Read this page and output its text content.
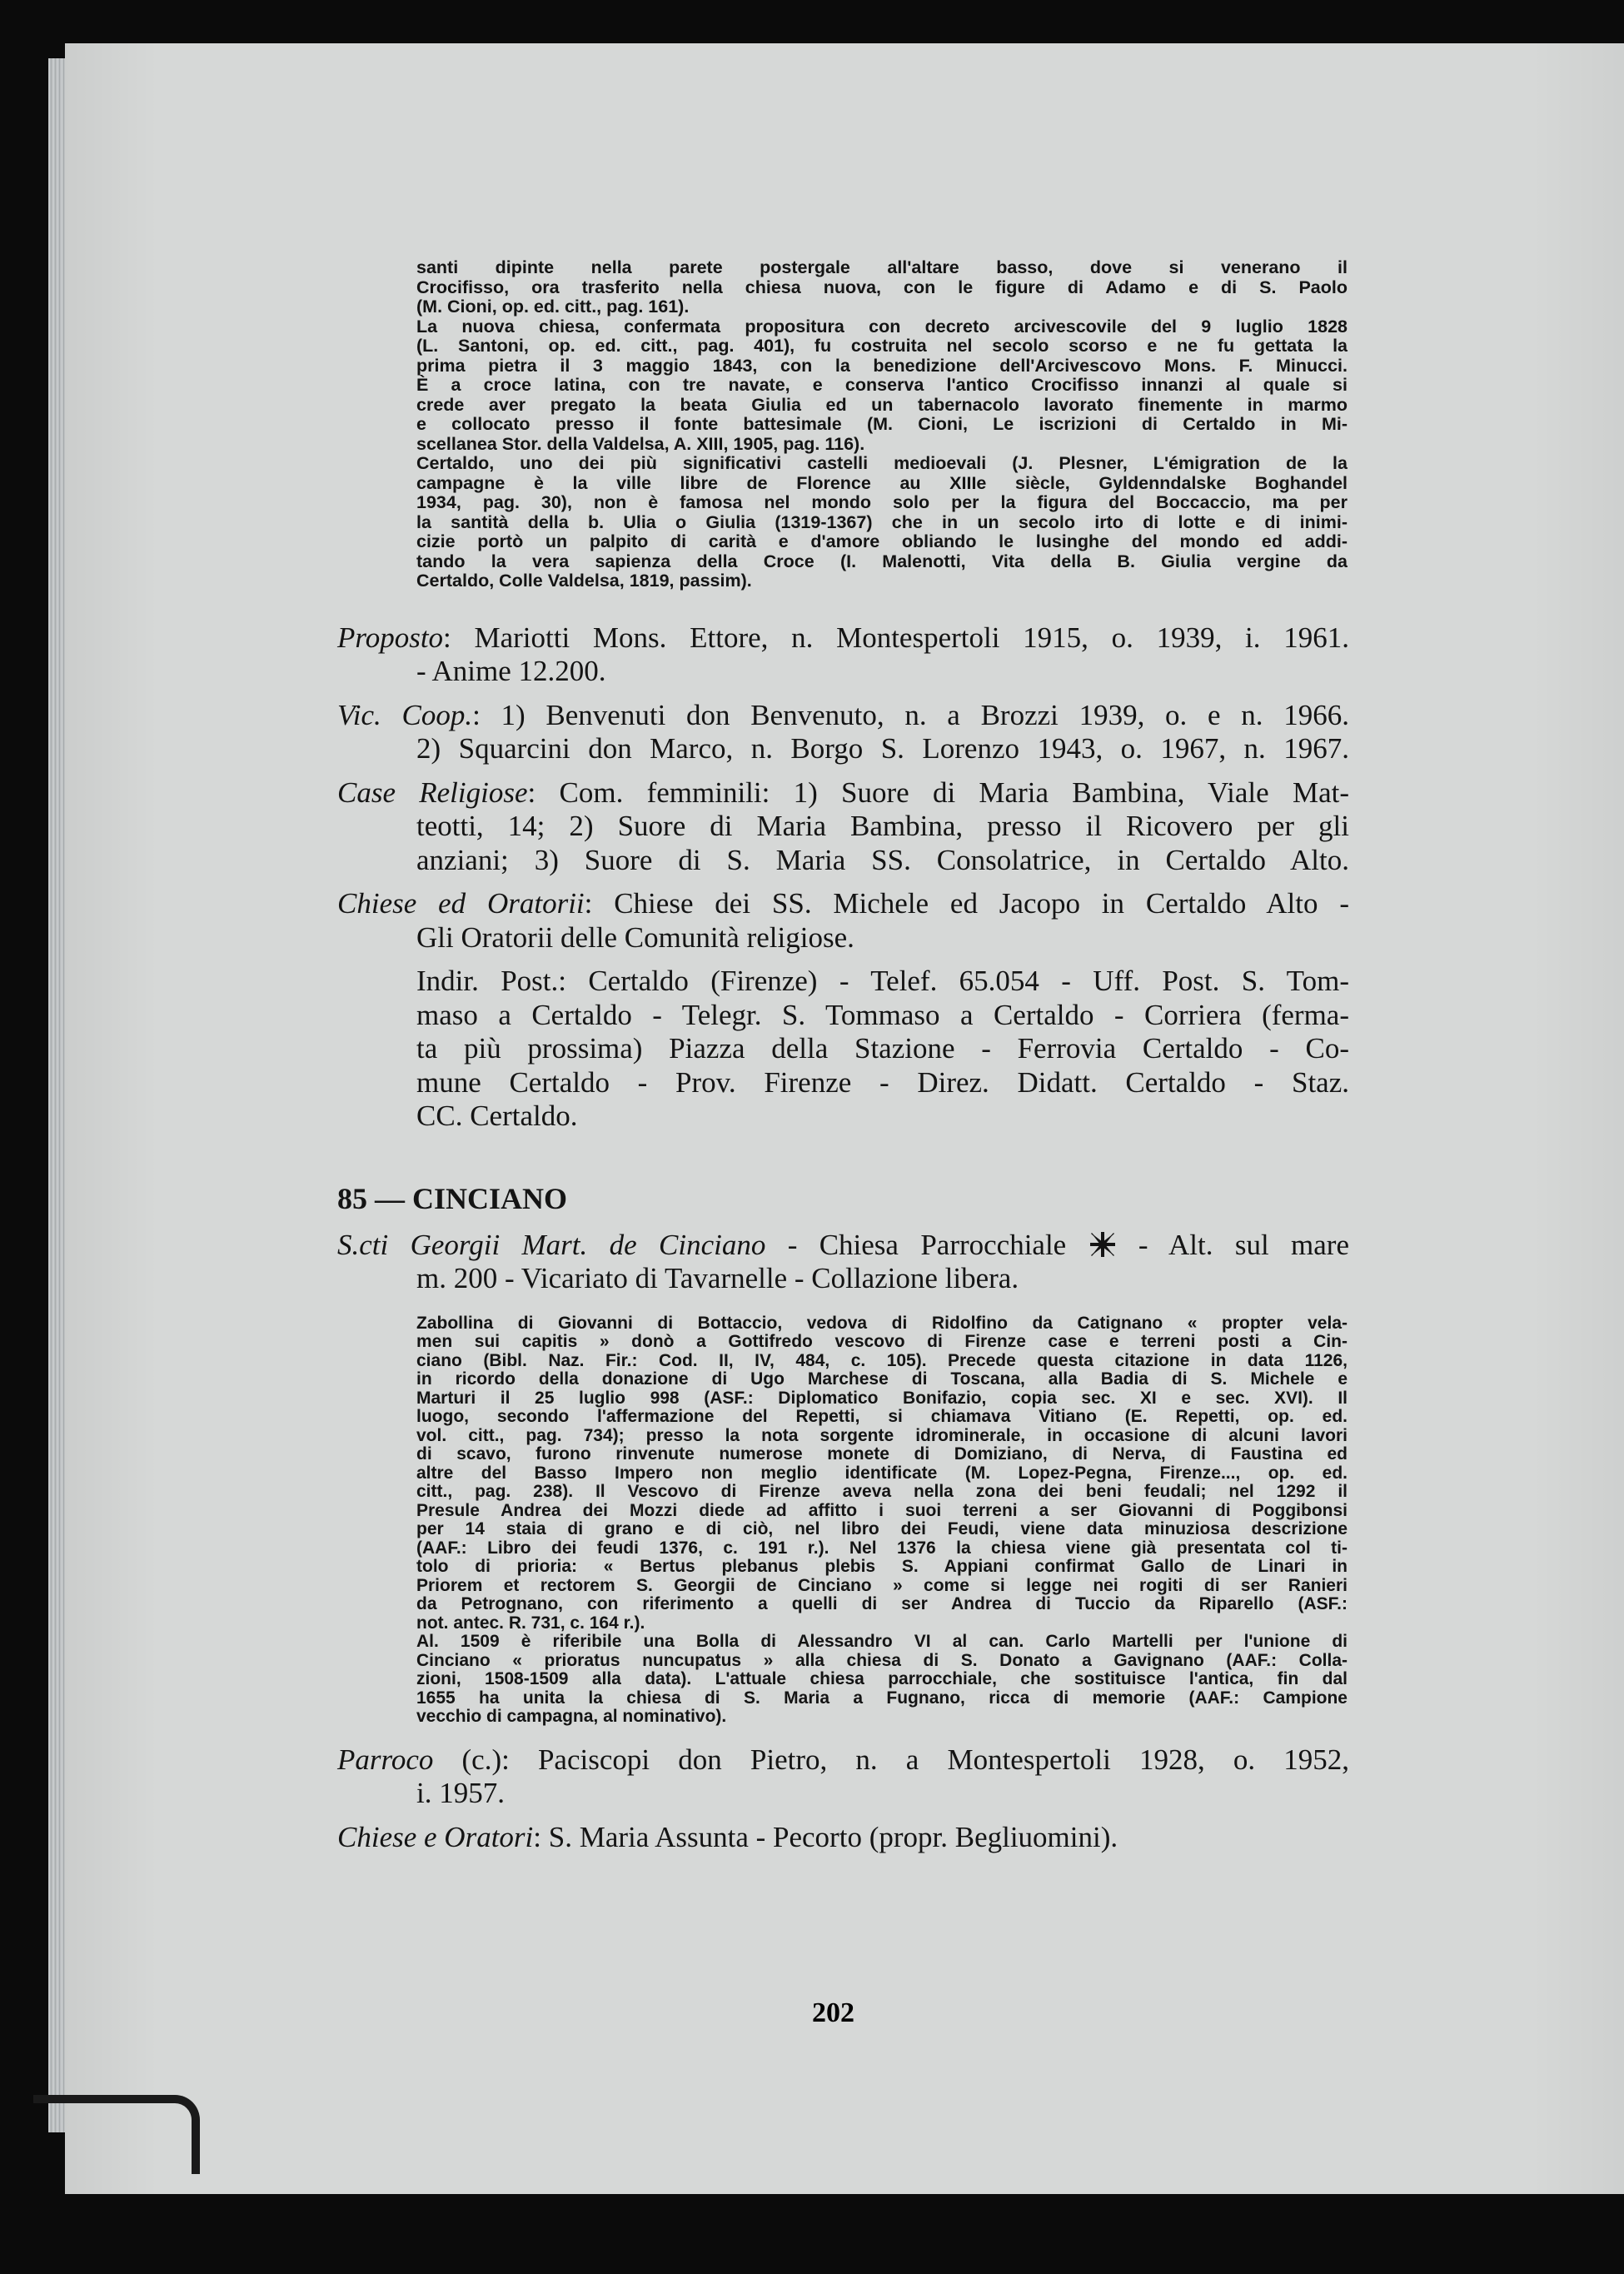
santi dipinte nella parete postergale all'altare basso, dove si venerano il
Crocifisso, ora trasferito nella chiesa nuova, con le figure di Adamo e di S. Paolo
(M. Cioni, op. ed. citt., pag. 161).
La nuova chiesa, confermata propositura con decreto arcivescovile del 9 luglio 1828
(L. Santoni, op. ed. citt., pag. 401), fu costruita nel secolo scorso e ne fu gettata la
prima pietra il 3 maggio 1843, con la benedizione dell'Arcivescovo Mons. F. Minucci.
È a croce latina, con tre navate, e conserva l'antico Crocifisso innanzi al quale si
crede aver pregato la beata Giulia ed un tabernacolo lavorato finemente in marmo
e collocato presso il fonte battesimale (M. Cioni, Le iscrizioni di Certaldo in Mi-
scellanea Stor. della Valdelsa, A. XIII, 1905, pag. 116).
Certaldo, uno dei più significativi castelli medioevali (J. Plesner, L'émigration de la
campagne è la ville libre de Florence au XIIIe siècle, Gyldenndalske Boghandel
1934, pag. 30), non è famosa nel mondo solo per la figura del Boccaccio, ma per
la santità della b. Ulia o Giulia (1319-1367) che in un secolo irto di lotte e di inimi-
cizie portò un palpito di carità e d'amore obliando le lusinghe del mondo ed addi-
tando la vera sapienza della Croce (I. Malenotti, Vita della B. Giulia vergine da
Certaldo, Colle Valdelsa, 1819, passim).
Proposto: Mariotti Mons. Ettore, n. Montespertoli 1915, o. 1939, i. 1961.
- Anime 12.200.
Vic. Coop.: 1) Benvenuti don Benvenuto, n. a Brozzi 1939, o. e n. 1966.
2) Squarcini don Marco, n. Borgo S. Lorenzo 1943, o. 1967, n. 1967.
Case Religiose: Com. femminili: 1) Suore di Maria Bambina, Viale Mat-
teotti, 14; 2) Suore di Maria Bambina, presso il Ricovero per gli
anziani; 3) Suore di S. Maria SS. Consolatrice, in Certaldo Alto.
Chiese ed Oratorii: Chiese dei SS. Michele ed Jacopo in Certaldo Alto -
Gli Oratorii delle Comunità religiose.
Indir. Post.: Certaldo (Firenze) - Telef. 65.054 - Uff. Post. S. Tom-
maso a Certaldo - Telegr. S. Tommaso a Certaldo - Corriera (ferma-
ta più prossima) Piazza della Stazione - Ferrovia Certaldo - Co-
mune Certaldo - Prov. Firenze - Direz. Didatt. Certaldo - Staz.
CC. Certaldo.
85 — CINCIANO
S.cti Georgii Mart. de Cinciano - Chiesa Parrocchiale  - Alt. sul mare
m. 200 - Vicariato di Tavarnelle - Collazione libera.
Zabollina di Giovanni di Bottaccio, vedova di Ridolfino da Catignano « propter vela-
men sui capitis » donò a Gottifredo vescovo di Firenze case e terreni posti a Cin-
ciano (Bibl. Naz. Fir.: Cod. II, IV, 484, c. 105). Precede questa citazione in data 1126,
in ricordo della donazione di Ugo Marchese di Toscana, alla Badia di S. Michele e
Marturi il 25 luglio 998 (ASF.: Diplomatico Bonifazio, copia sec. XI e sec. XVI). Il
luogo, secondo l'affermazione del Repetti, si chiamava Vitiano (E. Repetti, op. ed.
vol. citt., pag. 734); presso la nota sorgente idrominerale, in occasione di alcuni lavori
di scavo, furono rinvenute numerose monete di Domiziano, di Nerva, di Faustina ed
altre del Basso Impero non meglio identificate (M. Lopez-Pegna, Firenze..., op. ed.
citt., pag. 238). Il Vescovo di Firenze aveva nella zona dei beni feudali; nel 1292 il
Presule Andrea dei Mozzi diede ad affitto i suoi terreni a ser Giovanni di Poggibonsi
per 14 staia di grano e di ciò, nel libro dei Feudi, viene data minuziosa descrizione
(AAF.: Libro dei feudi 1376, c. 191 r.). Nel 1376 la chiesa viene già presentata col ti-
tolo di prioria: « Bertus plebanus plebis S. Appiani confirmat Gallo de Linari in
Priorem et rectorem S. Georgii de Cinciano » come si legge nei rogiti di ser Ranieri
da Petrognano, con riferimento a quelli di ser Andrea di Tuccio da Riparello (ASF.:
not. antec. R. 731, c. 164 r.).
Al. 1509 è riferibile una Bolla di Alessandro VI al can. Carlo Martelli per l'unione di
Cinciano « prioratus nuncupatus » alla chiesa di S. Donato a Gavignano (AAF.: Colla-
zioni, 1508-1509 alla data). L'attuale chiesa parrocchiale, che sostituisce l'antica, fin dal
1655 ha unita la chiesa di S. Maria a Fugnano, ricca di memorie (AAF.: Campione
vecchio di campagna, al nominativo).
Parroco (c.): Paciscopi don Pietro, n. a Montespertoli 1928, o. 1952,
i. 1957.
Chiese e Oratori: S. Maria Assunta - Pecorto (propr. Begliuomini).
202
